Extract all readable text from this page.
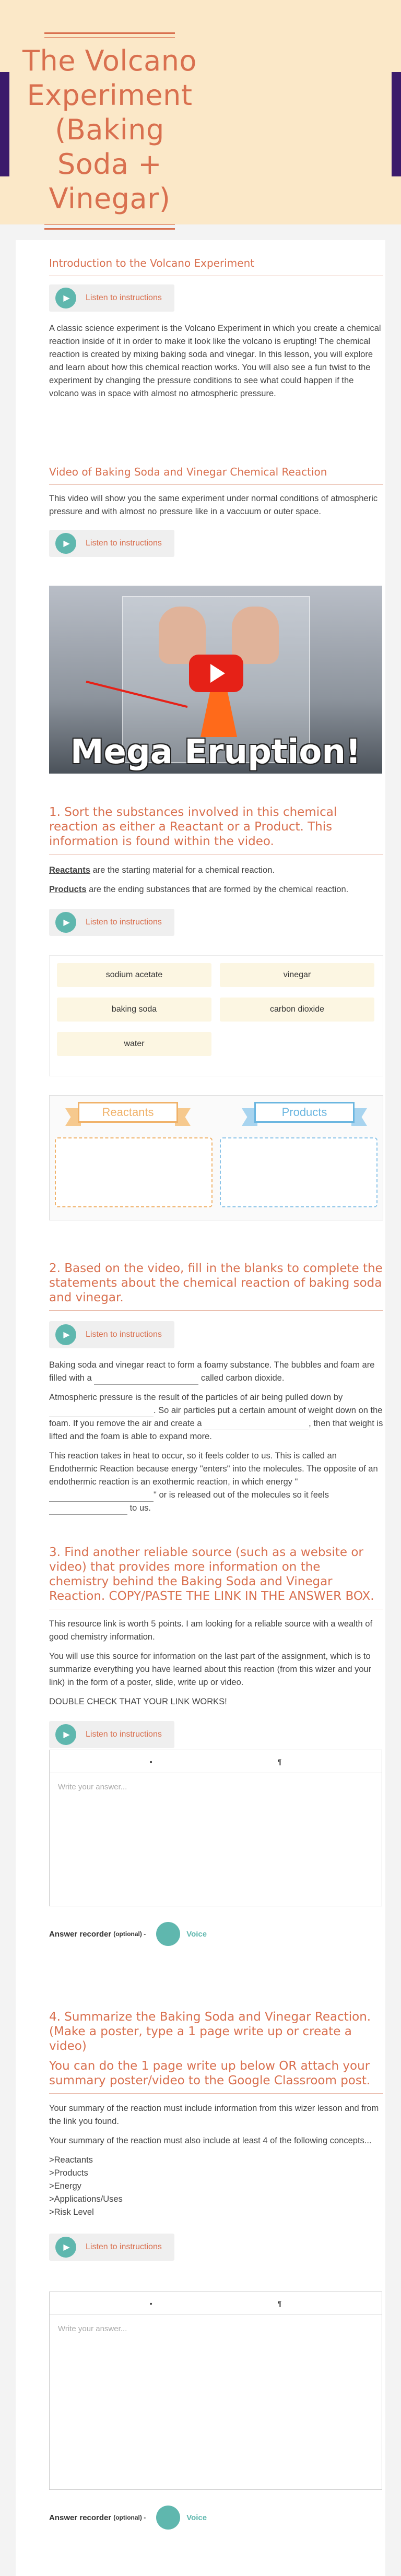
The Volcano Experiment (Baking Soda + Vinegar)
Introduction to the Volcano Experiment
▶ Listen to instructions

A classic science experiment is the Volcano Experiment in which you create a chemical reaction inside of it in order to make it look like the volcano is erupting! The chemical reaction is created by mixing baking soda and vinegar. In this lesson, you will explore and learn about how this chemical reaction works. You will also see a fun twist to the experiment by changing the pressure conditions to see what could happen if the volcano was in space with almost no atmospheric pressure.

Video of Baking Soda and Vinegar Chemical Reaction

This video will show you the same experiment under normal conditions of atmospheric pressure and with almost no pressure like in a vaccuum or outer space.

▶ Listen to instructions
Mega Eruption!
1. Sort the substances involved in this chemical reaction as either a Reactant or a Product. This information is found within the video.

Reactants are the starting material for a chemical reaction.

Products are the ending substances that are formed by the chemical reaction.

▶ Listen to instructions
sodium acetate	vinegar
baking soda	carbon dioxide
water
Reactants	Products
2. Based on the video, fill in the blanks to complete the statements about the chemical reaction of baking soda and vinegar.
▶ Listen to instructions

Baking soda and vinegar react to form a foamy substance. The bubbles and foam are filled with a	called carbon dioxide.

Atmospheric pressure is the result of the particles of air being pulled down by . So air particles put a certain amount of weight down on the foam. If you remove the air and create a	, then that weight is lifted and the foam is able to expand more.

This reaction takes in heat to occur, so it feels colder to us. This is called an Endothermic Reaction because energy "enters" into the molecules. The opposite of an endothermic reaction is an exothermic reaction, in which energy "" or is released out of the molecules so it feels  to us.

3. Find another reliable source (such as a website or video) that provides more information on the chemistry behind the Baking Soda and Vinegar Reaction. COPY/PASTE THE LINK IN THE ANSWER BOX.

This resource link is worth 5 points. I am looking for a reliable source with a wealth of good chemistry information.

You will use this source for information on the last part of the assignment, which is to summarize everything you have learned about this reaction (from this wizer and your link) in the form of a poster, slide, write up or video.

DOUBLE CHECK THAT YOUR LINK WORKS!

▶ Listen to instructions
•	¶
Write your answer...
Answer recorder (optional) -	Voice
4. Summarize the Baking Soda and Vinegar Reaction. (Make a poster, type a 1 page write up or create a video)
You can do the 1 page write up below OR attach your summary poster/video to the Google Classroom post.

Your summary of the reaction must include information from this wizer lesson and from the link you found.

Your summary of the reaction must also include at least 4 of the following concepts...

>Reactants

>Products

>Energy

>Applications/Uses

>Risk Level

▶ Listen to instructions
•	¶
Write your answer...
Answer recorder (optional) -	Voice
